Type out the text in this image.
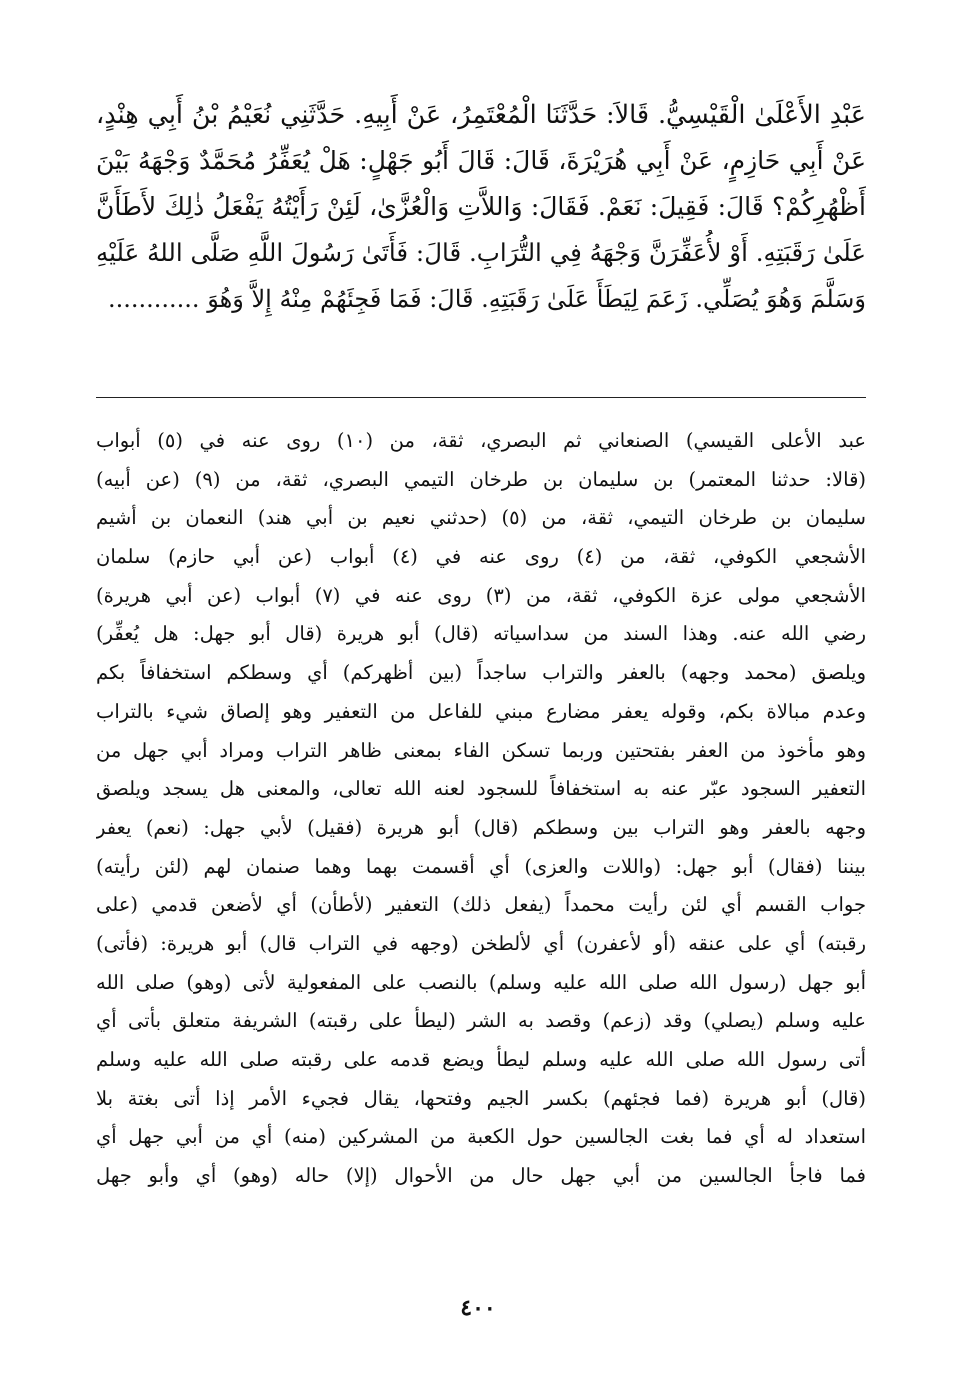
عَبْدِ الأَعْلَىٰ الْقَيْسِيُّ. قَالاَ: حَدَّثَنَا الْمُعْتَمِرُ، عَنْ أَبِيهِ. حَدَّثَنِي نُعَيْمُ بْنُ أَبِي هِنْدٍ،
عَنْ أَبِي حَازِمٍ، عَنْ أَبِي هُرَيْرَةَ، قَالَ: قَالَ أَبُو جَهْلٍ: هَلْ يُعَفِّرُ مُحَمَّدٌ وَجْهَهُ بَيْنَ
أَظْهُرِكُمْ؟ قَالَ: فَقِيلَ: نَعَمْ. فَقَالَ: وَاللاَّتِ وَالْعُزَّىٰ، لَئِنْ رَأَيْتُهُ يَفْعَلُ ذٰلِكَ لأَطَأَنَّ
عَلَىٰ رَقَبَتِهِ. أَوْ لأُعَفِّرَنَّ وَجْهَهُ فِي التُّرَابِ. قَالَ: فَأَتَىٰ رَسُولَ اللَّهِ صَلَّى اللهُ عَلَيْهِ
وَسَلَّمَ وَهُوَ يُصَلِّي. زَعَمَ لِيَطَأَ عَلَىٰ رَقَبَتِهِ. قَالَ: فَمَا فَجِئَهُمْ مِنْهُ إِلاَّ وَهُوَ ............
عبد الأعلى القيسي) الصنعاني ثم البصري، ثقة، من (١٠) روى عنه في (٥) أبواب
(قالا: حدثنا المعتمر) بن سليمان بن طرخان التيمي البصري، ثقة، من (٩) (عن أبيه)
سليمان بن طرخان التيمي، ثقة، من (٥) (حدثني نعيم بن أبي هند) النعمان بن أشيم
الأشجعي الكوفي، ثقة، من (٤) روى عنه في (٤) أبواب (عن أبي حازم) سلمان
الأشجعي مولى عزة الكوفي، ثقة، من (٣) روى عنه في (٧) أبواب (عن أبي هريرة)
رضي الله عنه. وهذا السند من سداسياته (قال) أبو هريرة (قال أبو جهل: هل يُعفِّر)
ويلصق (محمد وجهه) بالعفر والتراب ساجداً (بين أظهركم) أي وسطكم استخفافاً بكم
وعدم مبالاة بكم، وقوله يعفر مضارع مبني للفاعل من التعفير وهو إلصاق شيء بالتراب
وهو مأخوذ من العفر بفتحتين وربما تسكن الفاء بمعنى ظاهر التراب ومراد أبي جهل من
التعفير السجود عبّر عنه به استخفافاً للسجود لعنه الله تعالى، والمعنى هل يسجد ويلصق
وجهه بالعفر وهو التراب بين وسطكم (قال) أبو هريرة (فقيل) لأبي جهل: (نعم) يعفر
بيننا (فقال) أبو جهل: (واللات والعزى) أي أقسمت بهما وهما صنمان لهم (لئن رأيته)
جواب القسم أي لئن رأيت محمداً (يفعل ذلك) التعفير (لأطأن) أي لأضعن قدمي (على
رقبته) أي على عنقه (أو لأعفرن) أي لألطخن (وجهه في التراب قال) أبو هريرة: (فأتى)
أبو جهل (رسول الله صلى الله عليه وسلم) بالنصب على المفعولية لأتى (وهو) صلى الله
عليه وسلم (يصلي) وقد (زعم) وقصد به الشر (ليطأ على رقبته) الشريفة متعلق بأتى أي
أتى رسول الله صلى الله عليه وسلم ليطأ ويضع قدمه على رقبته صلى الله عليه وسلم
(قال) أبو هريرة (فما فجئهم) بكسر الجيم وفتحها، يقال فجيء الأمر إذا أتى بغتة بلا
استعداد له أي فما بغت الجالسين حول الكعبة من المشركين (منه) أي من أبي جهل أي
فما فاجأ الجالسين من أبي جهل حال من الأحوال (إلا) حاله (وهو) أي وأبو جهل
٤٠٠
